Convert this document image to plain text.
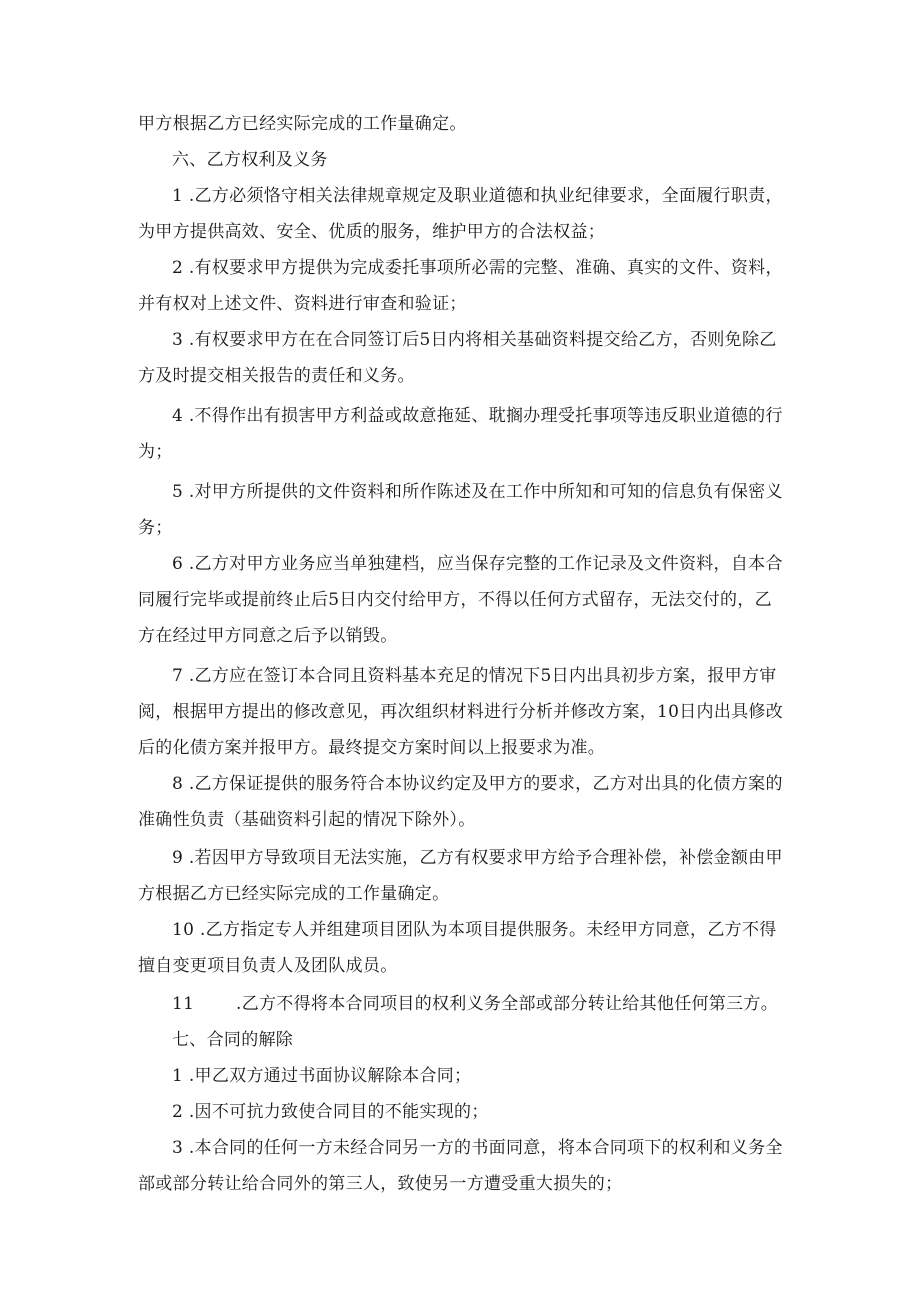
甲方根据乙方已经实际完成的工作量确定。

六、乙方权利及义务

1 .乙方必须恪守相关法律规章规定及职业道德和执业纪律要求，全面履行职责，为甲方提供高效、安全、优质的服务，维护甲方的合法权益；

2 .有权要求甲方提供为完成委托事项所必需的完整、准确、真实的文件、资料，并有权对上述文件、资料进行审查和验证；

3 .有权要求甲方在在合同签订后5日内将相关基础资料提交给乙方，否则免除乙方及时提交相关报告的责任和义务。

4 .不得作出有损害甲方利益或故意拖延、耽搁办理受托事项等违反职业道德的行为；

5 .对甲方所提供的文件资料和所作陈述及在工作中所知和可知的信息负有保密义务；

6 .乙方对甲方业务应当单独建档，应当保存完整的工作记录及文件资料，自本合同履行完毕或提前终止后5日内交付给甲方，不得以任何方式留存，无法交付的，乙方在经过甲方同意之后予以销毁。

7 .乙方应在签订本合同且资料基本充足的情况下5日内出具初步方案，报甲方审阅，根据甲方提出的修改意见，再次组织材料进行分析并修改方案，10日内出具修改后的化债方案并报甲方。最终提交方案时间以上报要求为准。

8 .乙方保证提供的服务符合本协议约定及甲方的要求，乙方对出具的化债方案的准确性负责（基础资料引起的情况下除外）。

9 .若因甲方导致项目无法实施，乙方有权要求甲方给予合理补偿，补偿金额由甲方根据乙方已经实际完成的工作量确定。

10 .乙方指定专人并组建项目团队为本项目提供服务。未经甲方同意，乙方不得擅自变更项目负责人及团队成员。

11 .乙方不得将本合同项目的权利义务全部或部分转让给其他任何第三方。

七、合同的解除

1 .甲乙双方通过书面协议解除本合同；

2 .因不可抗力致使合同目的不能实现的；

3 .本合同的任何一方未经合同另一方的书面同意，将本合同项下的权利和义务全部或部分转让给合同外的第三人，致使另一方遭受重大损失的；
